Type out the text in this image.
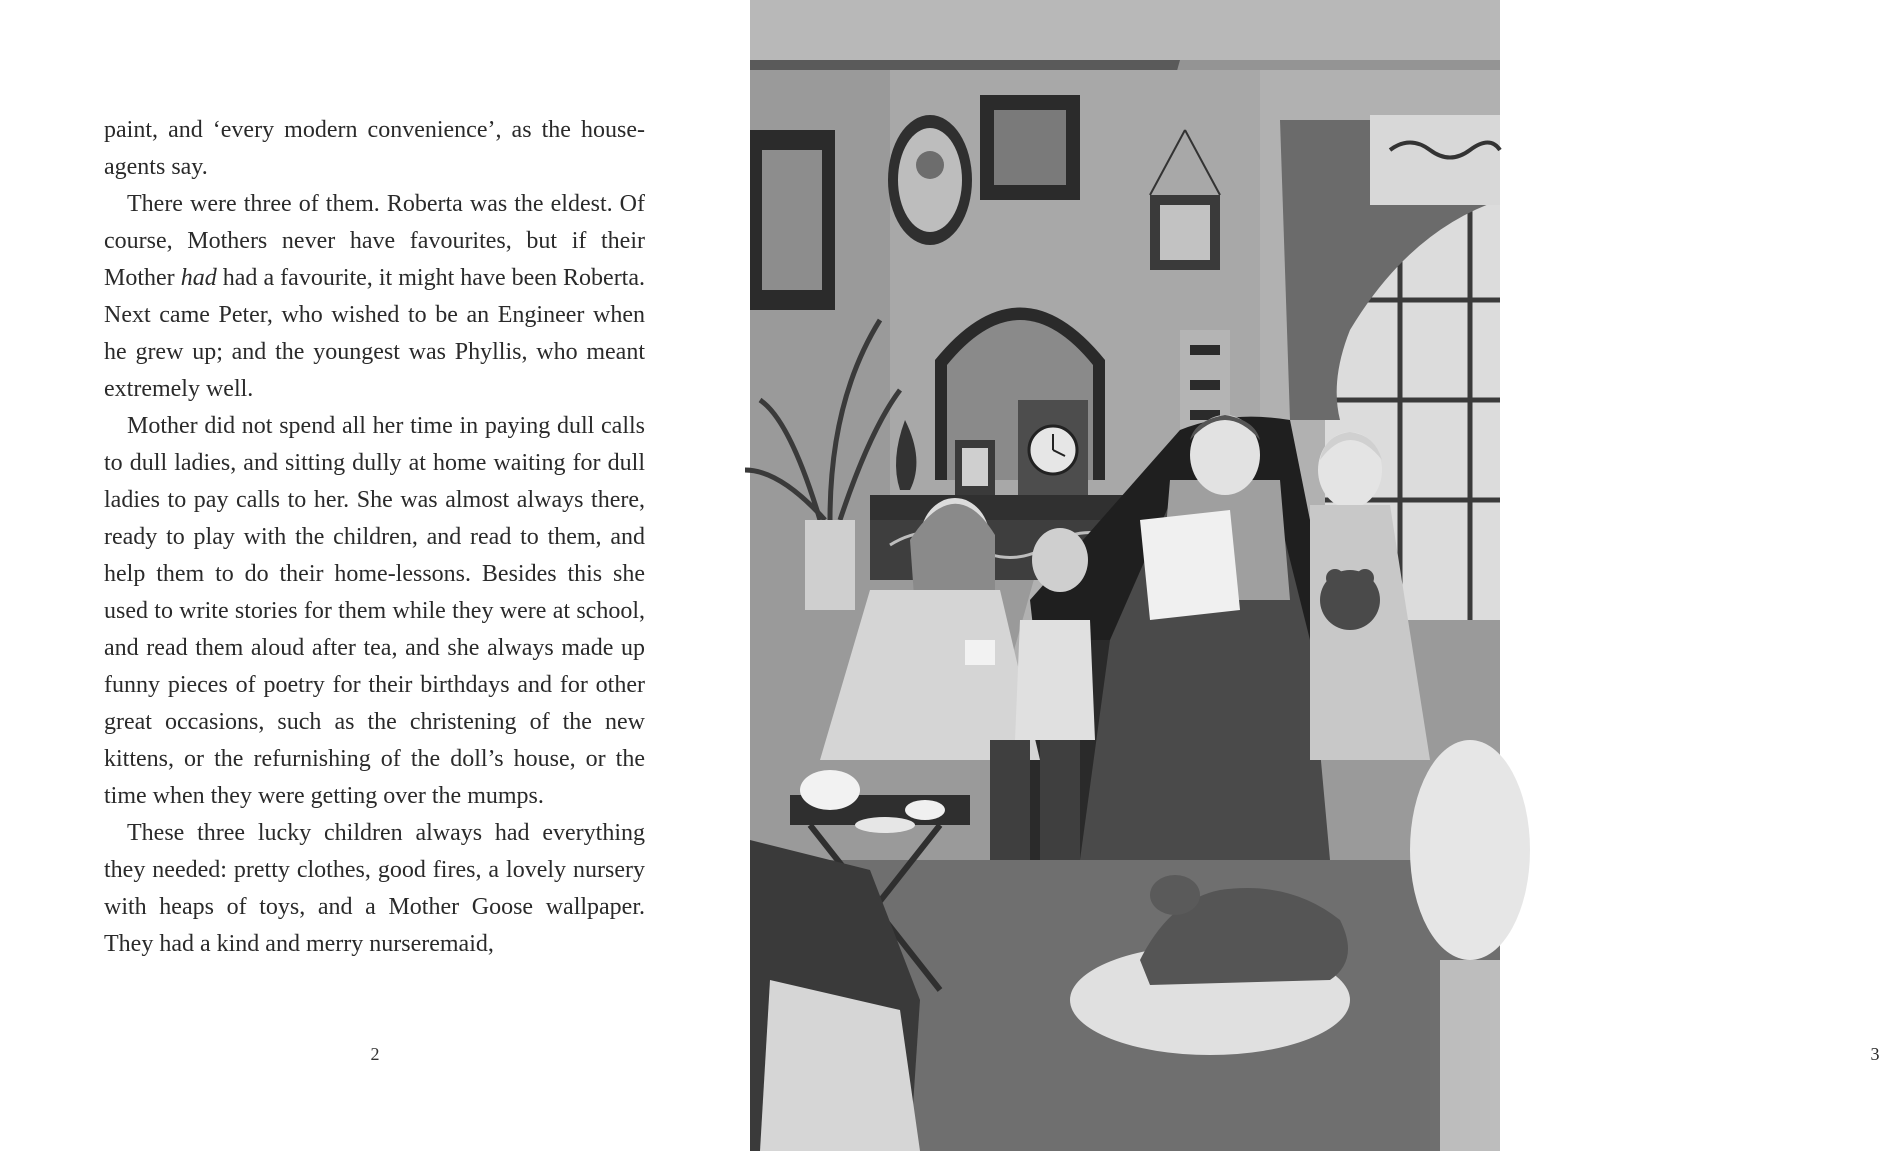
paint, and ‘every modern convenience’, as the house-agents say.

There were three of them. Roberta was the eldest. Of course, Mothers never have favourites, but if their Mother had had a favourite, it might have been Roberta. Next came Peter, who wished to be an Engineer when he grew up; and the youngest was Phyllis, who meant extremely well.

Mother did not spend all her time in paying dull calls to dull ladies, and sitting dully at home waiting for dull ladies to pay calls to her. She was almost always there, ready to play with the children, and read to them, and help them to do their home-lessons. Besides this she used to write stories for them while they were at school, and read them aloud after tea, and she always made up funny pieces of poetry for their birthdays and for other great occasions, such as the christening of the new kittens, or the refurnishing of the doll’s house, or the time when they were getting over the mumps.

These three lucky children always had everything they needed: pretty clothes, good fires, a lovely nursery with heaps of toys, and a Mother Goose wallpaper. They had a kind and merry nurseremaid,

2	3
